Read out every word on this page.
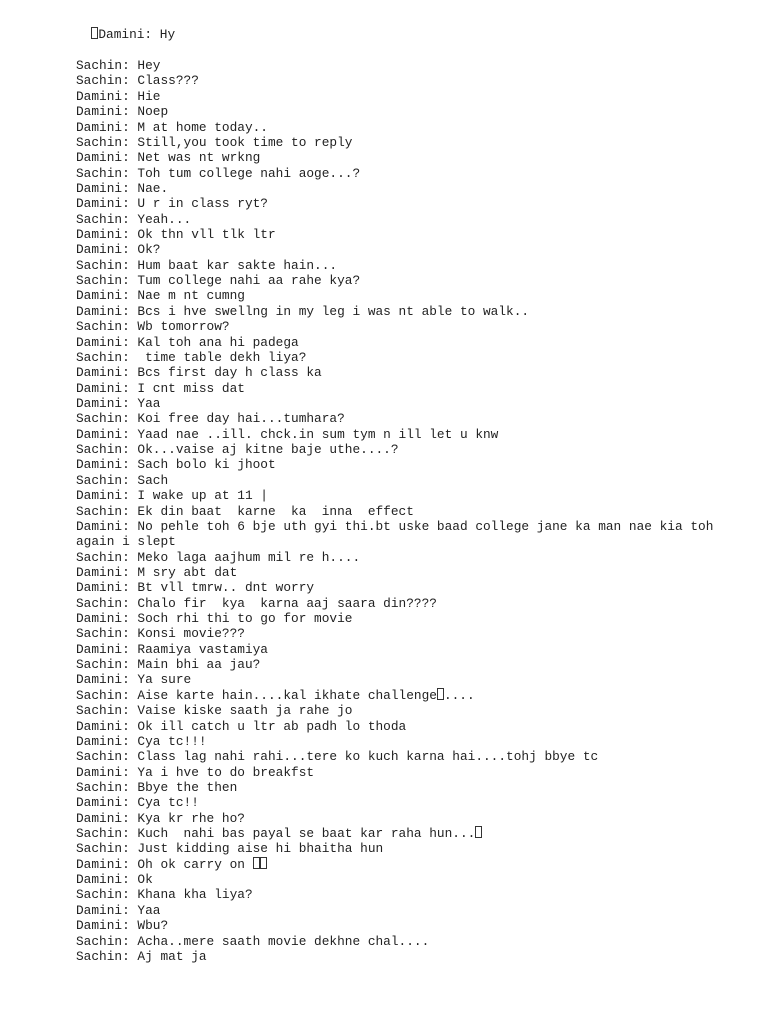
Damini: Hy

Sachin: Hey
Sachin: Class???
Damini: Hie
Damini: Noep
Damini: M at home today..
Sachin: Still,you took time to reply
Damini: Net was nt wrkng
Sachin: Toh tum college nahi aoge...?
Damini: Nae.
Damini: U r in class ryt?
Sachin: Yeah...
Damini: Ok thn vll tlk ltr
Damini: Ok?
Sachin: Hum baat kar sakte hain...
Sachin: Tum college nahi aa rahe kya?
Damini: Nae m nt cumng
Damini: Bcs i hve swellng in my leg i was nt able to walk..
Sachin: Wb tomorrow?
Damini: Kal toh ana hi padega
Sachin:  time table dekh liya?
Damini: Bcs first day h class ka
Damini: I cnt miss dat
Damini: Yaa
Sachin: Koi free day hai...tumhara?
Damini: Yaad nae ..ill. chck.in sum tym n ill let u knw
Sachin: Ok...vaise aj kitne baje uthe....?
Damini: Sach bolo ki jhoot
Sachin: Sach
Damini: I wake up at 11 |
Sachin: Ek din baat  karne  ka  inna  effect
Damini: No pehle toh 6 bje uth gyi thi.bt uske baad college jane ka man nae kia toh again i slept
Sachin: Meko laga aajhum mil re h....
Damini: M sry abt dat
Damini: Bt vll tmrw.. dnt worry
Sachin: Chalo fir  kya  karna aaj saara din????
Damini: Soch rhi thi to go for movie
Sachin: Konsi movie???
Damini: Raamiya vastamiya
Sachin: Main bhi aa jau?
Damini: Ya sure
Sachin: Aise karte hain....kal ikhate challenge ....
Sachin: Vaise kiske saath ja rahe jo
Damini: Ok ill catch u ltr ab padh lo thoda
Damini: Cya tc!!!
Sachin: Class lag nahi rahi...tere ko kuch karna hai....tohj bbye tc
Damini: Ya i hve to do breakfst
Sachin: Bbye the then
Damini: Cya tc!!
Damini: Kya kr rhe ho?
Sachin: Kuch  nahi bas payal se baat kar raha hun...
Sachin: Just kidding aise hi bhaitha hun
Damini: Oh ok carry on
Damini: Ok
Sachin: Khana kha liya?
Damini: Yaa
Damini: Wbu?
Sachin: Acha..mere saath movie dekhne chal....
Sachin: Aj mat ja
